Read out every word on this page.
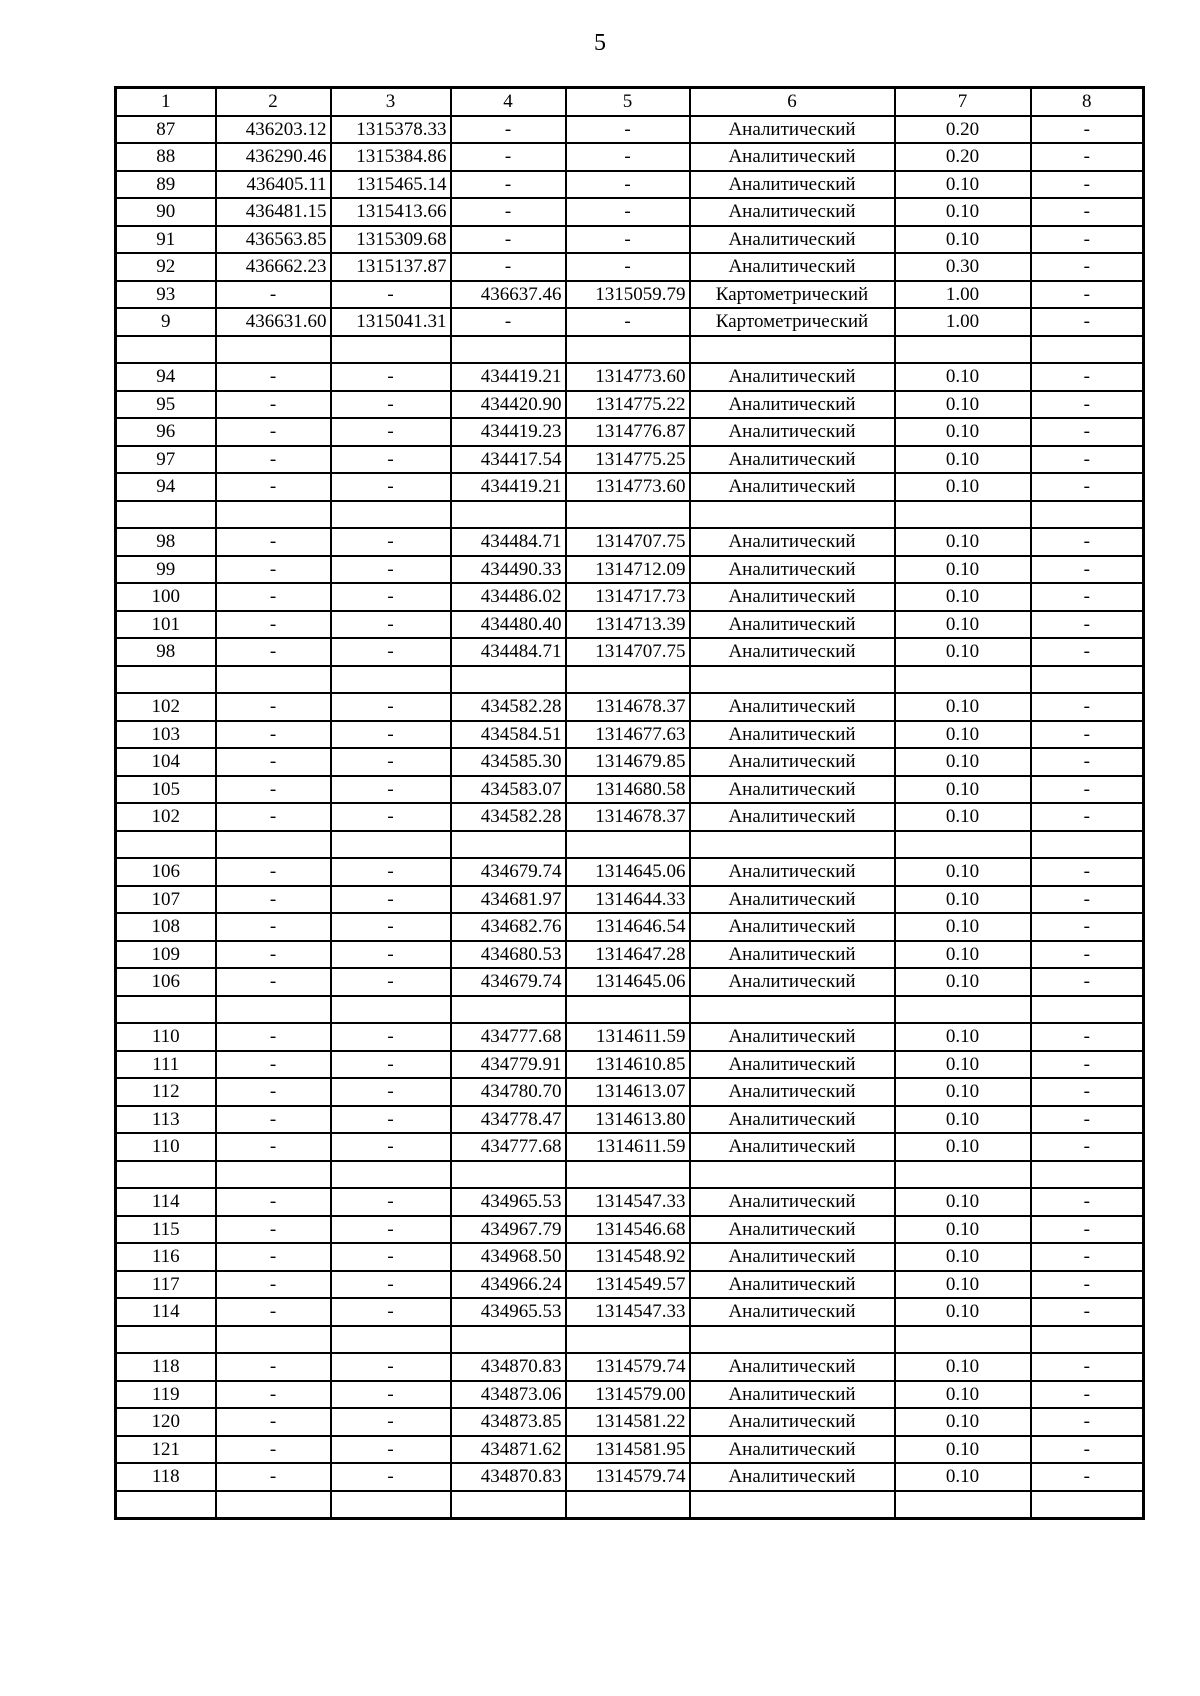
5
1	2	3	4	5	6	7	8
87	436203.12	1315378.33	-	-	Аналитический	0.20	-
88	436290.46	1315384.86	-	-	Аналитический	0.20	-
89	436405.11	1315465.14	-	-	Аналитический	0.10	-
90	436481.15	1315413.66	-	-	Аналитический	0.10	-
91	436563.85	1315309.68	-	-	Аналитический	0.10	-
92	436662.23	1315137.87	-	-	Аналитический	0.30	-
93	-	-	436637.46	1315059.79	Картометрический	1.00	-
9	436631.60	1315041.31	-	-	Картометрический	1.00	-

94	-	-	434419.21	1314773.60	Аналитический	0.10	-
95	-	-	434420.90	1314775.22	Аналитический	0.10	-
96	-	-	434419.23	1314776.87	Аналитический	0.10	-
97	-	-	434417.54	1314775.25	Аналитический	0.10	-
94	-	-	434419.21	1314773.60	Аналитический	0.10	-

98	-	-	434484.71	1314707.75	Аналитический	0.10	-
99	-	-	434490.33	1314712.09	Аналитический	0.10	-
100	-	-	434486.02	1314717.73	Аналитический	0.10	-
101	-	-	434480.40	1314713.39	Аналитический	0.10	-
98	-	-	434484.71	1314707.75	Аналитический	0.10	-

102	-	-	434582.28	1314678.37	Аналитический	0.10	-
103	-	-	434584.51	1314677.63	Аналитический	0.10	-
104	-	-	434585.30	1314679.85	Аналитический	0.10	-
105	-	-	434583.07	1314680.58	Аналитический	0.10	-
102	-	-	434582.28	1314678.37	Аналитический	0.10	-

106	-	-	434679.74	1314645.06	Аналитический	0.10	-
107	-	-	434681.97	1314644.33	Аналитический	0.10	-
108	-	-	434682.76	1314646.54	Аналитический	0.10	-
109	-	-	434680.53	1314647.28	Аналитический	0.10	-
106	-	-	434679.74	1314645.06	Аналитический	0.10	-

110	-	-	434777.68	1314611.59	Аналитический	0.10	-
111	-	-	434779.91	1314610.85	Аналитический	0.10	-
112	-	-	434780.70	1314613.07	Аналитический	0.10	-
113	-	-	434778.47	1314613.80	Аналитический	0.10	-
110	-	-	434777.68	1314611.59	Аналитический	0.10	-

114	-	-	434965.53	1314547.33	Аналитический	0.10	-
115	-	-	434967.79	1314546.68	Аналитический	0.10	-
116	-	-	434968.50	1314548.92	Аналитический	0.10	-
117	-	-	434966.24	1314549.57	Аналитический	0.10	-
114	-	-	434965.53	1314547.33	Аналитический	0.10	-

118	-	-	434870.83	1314579.74	Аналитический	0.10	-
119	-	-	434873.06	1314579.00	Аналитический	0.10	-
120	-	-	434873.85	1314581.22	Аналитический	0.10	-
121	-	-	434871.62	1314581.95	Аналитический	0.10	-
118	-	-	434870.83	1314579.74	Аналитический	0.10	-
